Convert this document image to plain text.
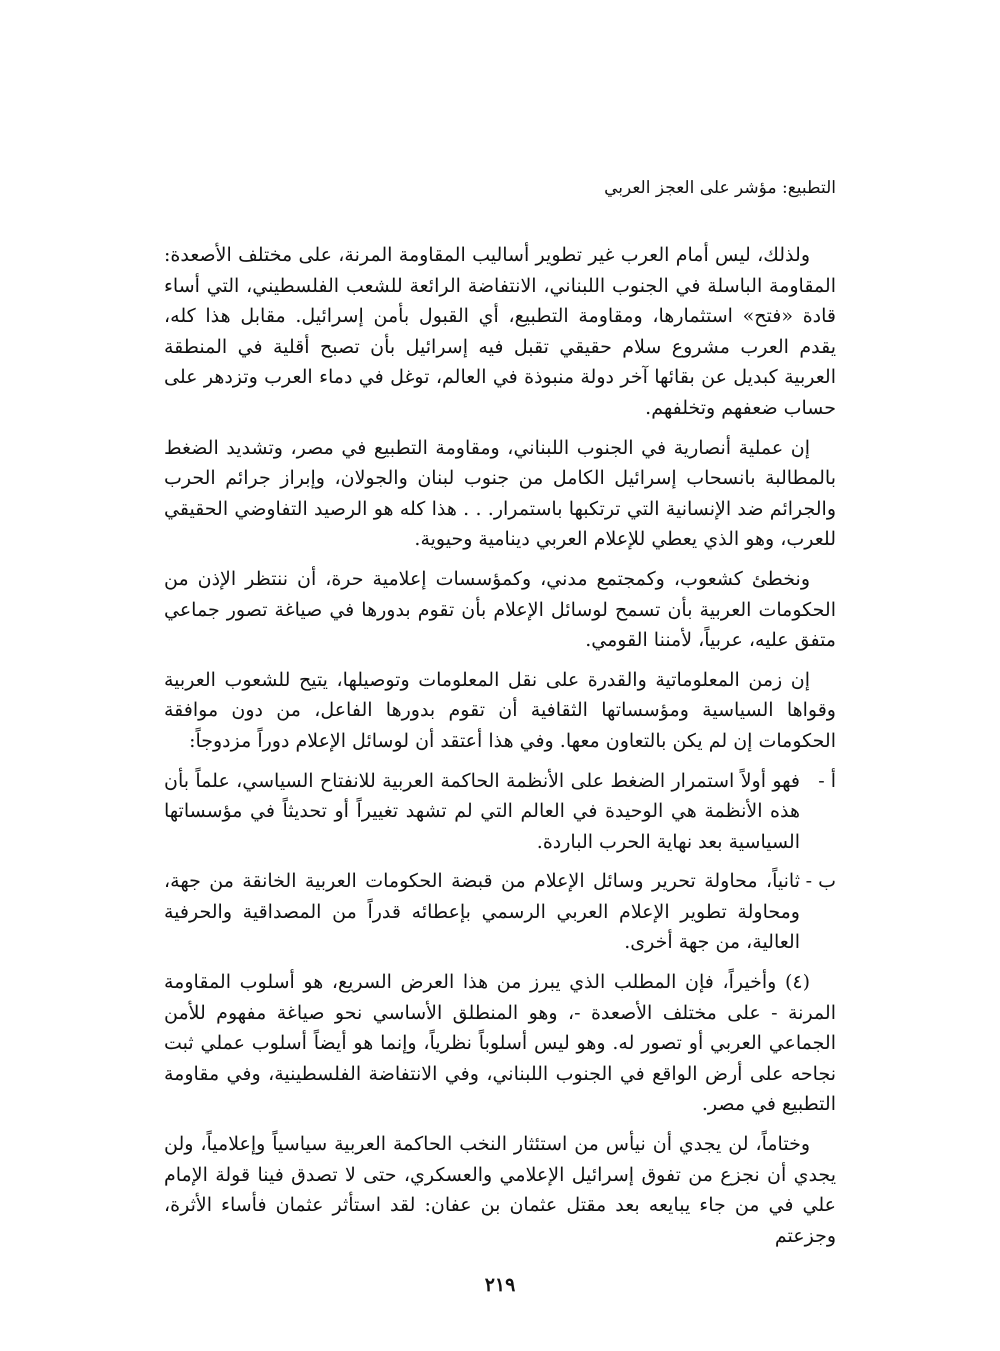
التطبيع: مؤشر على العجز العربي

ولذلك، ليس أمام العرب غير تطوير أساليب المقاومة المرنة، على مختلف الأصعدة: المقاومة الباسلة في الجنوب اللبناني، الانتفاضة الرائعة للشعب الفلسطيني، التي أساء قادة «فتح» استثمارها، ومقاومة التطبيع، أي القبول بأمن إسرائيل. مقابل هذا كله، يقدم العرب مشروع سلام حقيقي تقبل فيه إسرائيل بأن تصبح أقلية في المنطقة العربية كبديل عن بقائها آخر دولة منبوذة في العالم، توغل في دماء العرب وتزدهر على حساب ضعفهم وتخلفهم.

إن عملية أنصارية في الجنوب اللبناني، ومقاومة التطبيع في مصر، وتشديد الضغط بالمطالبة بانسحاب إسرائيل الكامل من جنوب لبنان والجولان، وإبراز جرائم الحرب والجرائم ضد الإنسانية التي ترتكبها باستمرار. . . هذا كله هو الرصيد التفاوضي الحقيقي للعرب، وهو الذي يعطي للإعلام العربي دينامية وحيوية.

ونخطئ كشعوب، وكمجتمع مدني، وكمؤسسات إعلامية حرة، أن ننتظر الإذن من الحكومات العربية بأن تسمح لوسائل الإعلام بأن تقوم بدورها في صياغة تصور جماعي متفق عليه، عربياً، لأمننا القومي.

إن زمن المعلوماتية والقدرة على نقل المعلومات وتوصيلها، يتيح للشعوب العربية وقواها السياسية ومؤسساتها الثقافية أن تقوم بدورها الفاعل، من دون موافقة الحكومات إن لم يكن بالتعاون معها. وفي هذا أعتقد أن لوسائل الإعلام دوراً مزدوجاً:

أ -
فهو أولاً استمرار الضغط على الأنظمة الحاكمة العربية للانفتاح السياسي، علماً بأن هذه الأنظمة هي الوحيدة في العالم التي لم تشهد تغييراً أو تحديثاً في مؤسساتها السياسية بعد نهاية الحرب الباردة.
ب -
ثانياً، محاولة تحرير وسائل الإعلام من قبضة الحكومات العربية الخانقة من جهة، ومحاولة تطوير الإعلام العربي الرسمي بإعطائه قدراً من المصداقية والحرفية العالية، من جهة أخرى.

(٤) وأخيراً، فإن المطلب الذي يبرز من هذا العرض السريع، هو أسلوب المقاومة المرنة - على مختلف الأصعدة -، وهو المنطلق الأساسي نحو صياغة مفهوم للأمن الجماعي العربي أو تصور له. وهو ليس أسلوباً نظرياً، وإنما هو أيضاً أسلوب عملي ثبت نجاحه على أرض الواقع في الجنوب اللبناني، وفي الانتفاضة الفلسطينية، وفي مقاومة التطبيع في مصر.

وختاماً، لن يجدي أن نيأس من استئثار النخب الحاكمة العربية سياسياً وإعلامياً، ولن يجدي أن نجزع من تفوق إسرائيل الإعلامي والعسكري، حتى لا تصدق فينا قولة الإمام علي في من جاء يبايعه بعد مقتل عثمان بن عفان: لقد استأثر عثمان فأساء الأثرة، وجزعتم

٢١٩
